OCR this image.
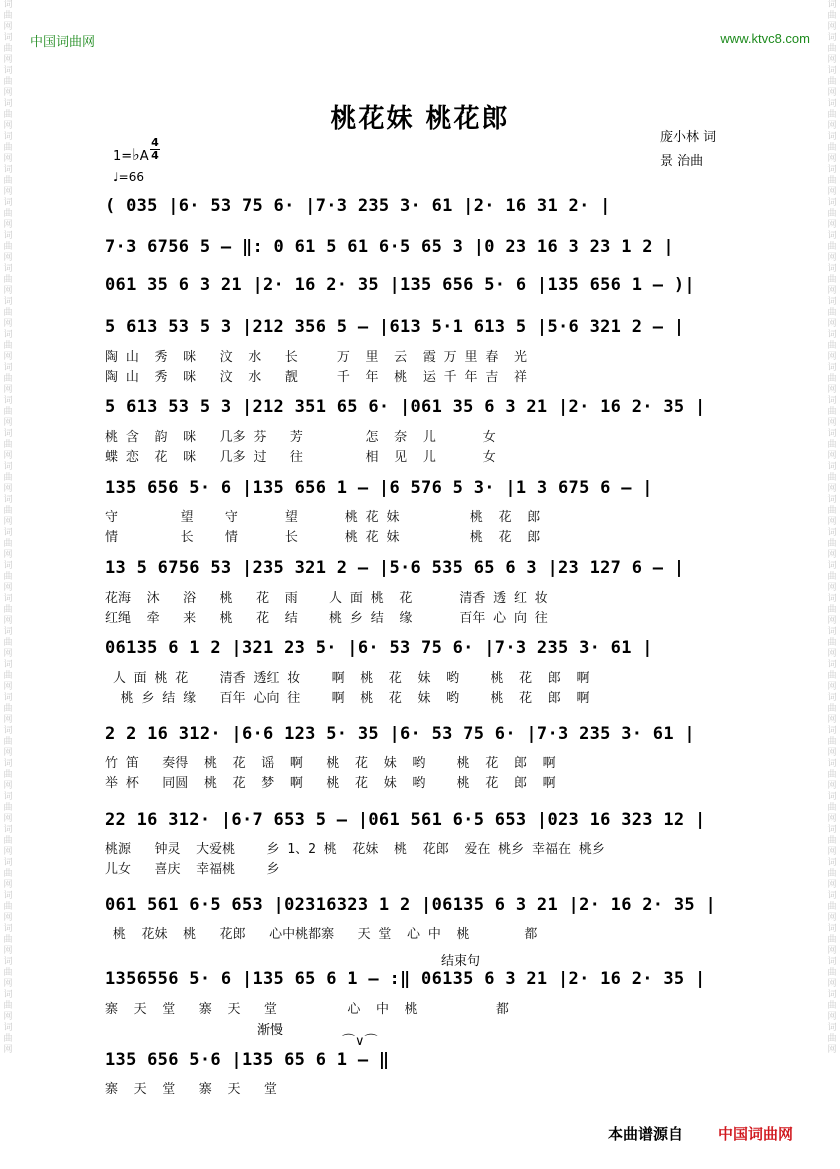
词曲网词曲网词曲网词曲网词曲网词曲网词曲网词曲网词曲网词曲网词曲网词曲网词曲网词曲网词曲网词曲网词曲网词曲网词曲网词曲网词曲网词曲网词曲网词曲网词曲网词曲网词曲网词曲网词曲网词曲网词曲网词曲网
词曲网词曲网词曲网词曲网词曲网词曲网词曲网词曲网词曲网词曲网词曲网词曲网词曲网词曲网词曲网词曲网词曲网词曲网词曲网词曲网词曲网词曲网词曲网词曲网词曲网词曲网词曲网词曲网词曲网词曲网词曲网词曲网
中国词曲网	www.ktvc8.com
桃花妹 桃花郎
庞小林 词
景 治曲
1=♭A
4
4
♩=66
( 035 |6· 53 75 6· |7·3 235 3· 61 |2· 16 31 2· |
7·3 6756 5 – ‖: 0 61 5 61 6·5 65 3 |0 23 16 3 23 1 2 |
061 35 6 3 21 |2· 16 2· 35 |135 656 5· 6 |135 656 1 – )|
5 613 53 5 3 |212 356 5 – |613 5·1 613 5 |5·6 321 2 – |
陶 山  秀  咪   汶  水   长     万  里  云  霞 万 里 春  光
陶 山  秀  咪   汶  水   靓     千  年  桃  运 千 年 吉  祥
5 613 53 5 3 |212 351 65 6· |061 35 6 3 21 |2· 16 2· 35 |
桃 含  韵  咪   几多 芬   芳        怎  奈  儿      女
蝶 恋  花  咪   几多 过   往        相  见  儿      女
135 656 5· 6 |135 656 1 – |6 576 5 3· |1 3 675 6 – |
守        望    守      望      桃 花 妹         桃  花  郎
情        长    情      长      桃 花 妹         桃  花  郎
13 5 6756 53 |235 321 2 – |5·6 535 65 6 3 |23 127 6 – |
花海  沐   浴   桃   花  雨    人 面 桃  花      清香 透 红 妆
红绳  牵   来   桃   花  结    桃 乡 结  缘      百年 心 向 往
06135 6 1 2 |321 23 5· |6· 53 75 6· |7·3 235 3· 61 |
人 面 桃 花    清香 透红 妆    啊  桃  花  妹  哟    桃  花  郎  啊
桃 乡 结 缘   百年 心向 往    啊  桃  花  妹  哟    桃  花  郎  啊
2 2 16 312· |6·6 123 5· 35 |6· 53 75 6· |7·3 235 3· 61 |
竹 笛   奏得  桃  花  谣  啊   桃  花  妹  哟    桃  花  郎  啊
举 杯   同圆  桃  花  梦  啊   桃  花  妹  哟    桃  花  郎  啊
22 16 312· |6·7 653 5 – |061 561 6·5 653 |023 16 323 12 |
桃源   钟灵  大爱桃    乡 1、2 桃  花妹  桃  花郎  爱在 桃乡 幸福在 桃乡
儿女   喜庆  幸福桃    乡
061 561 6·5 653 |02316323 1 2 |06135 6 3 21 |2· 16 2· 35 |
桃  花妹  桃   花郎   心中桃都寨   天 堂  心 中  桃       都
结束句
1356556 5· 6 |135 65 6 1 – :‖ 06135 6 3 21 |2· 16 2· 35 |
寨  天  堂   寨  天   堂         心  中  桃          都
渐慢
⌒∨⌒
135 656 5·6 |135 65 6 1 – ‖
寨  天  堂   寨  天   堂
本曲谱源自 中国词曲网
